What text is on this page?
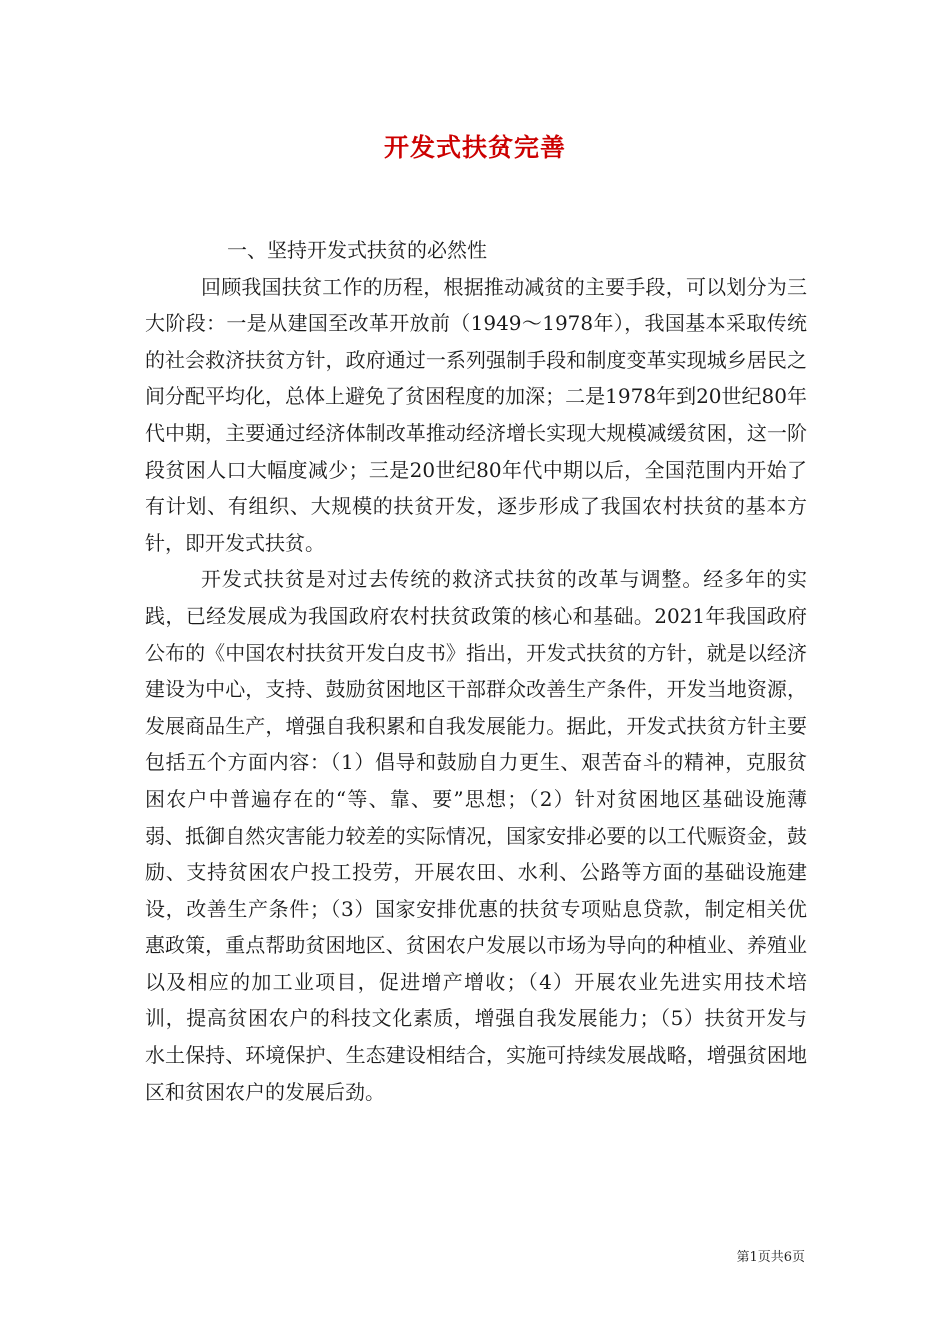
开发式扶贫完善
一、坚持开发式扶贫的必然性

回顾我国扶贫工作的历程，根据推动减贫的主要手段，可以划分为三大阶段：一是从建国至改革开放前（1949～1978年），我国基本采取传统的社会救济扶贫方针，政府通过一系列强制手段和制度变革实现城乡居民之间分配平均化，总体上避免了贫困程度的加深；二是1978年到20世纪80年代中期，主要通过经济体制改革推动经济增长实现大规模减缓贫困，这一阶段贫困人口大幅度减少；三是20世纪80年代中期以后，全国范围内开始了有计划、有组织、大规模的扶贫开发，逐步形成了我国农村扶贫的基本方针，即开发式扶贫。

开发式扶贫是对过去传统的救济式扶贫的改革与调整。经多年的实践，已经发展成为我国政府农村扶贫政策的核心和基础。2021年我国政府公布的《中国农村扶贫开发白皮书》指出，开发式扶贫的方针，就是以经济建设为中心，支持、鼓励贫困地区干部群众改善生产条件，开发当地资源，发展商品生产，增强自我积累和自我发展能力。据此，开发式扶贫方针主要包括五个方面内容：（1）倡导和鼓励自力更生、艰苦奋斗的精神，克服贫困农户中普遍存在的“等、靠、要”思想；（2）针对贫困地区基础设施薄弱、抵御自然灾害能力较差的实际情况，国家安排必要的以工代赈资金，鼓励、支持贫困农户投工投劳，开展农田、水利、公路等方面的基础设施建设，改善生产条件；（3）国家安排优惠的扶贫专项贴息贷款，制定相关优惠政策，重点帮助贫困地区、贫困农户发展以市场为导向的种植业、养殖业以及相应的加工业项目，促进增产增收；（4）开展农业先进实用技术培训，提高贫困农户的科技文化素质，增强自我发展能力；（5）扶贫开发与水土保持、环境保护、生态建设相结合，实施可持续发展战略，增强贫困地区和贫困农户的发展后劲。

第1页共6页
